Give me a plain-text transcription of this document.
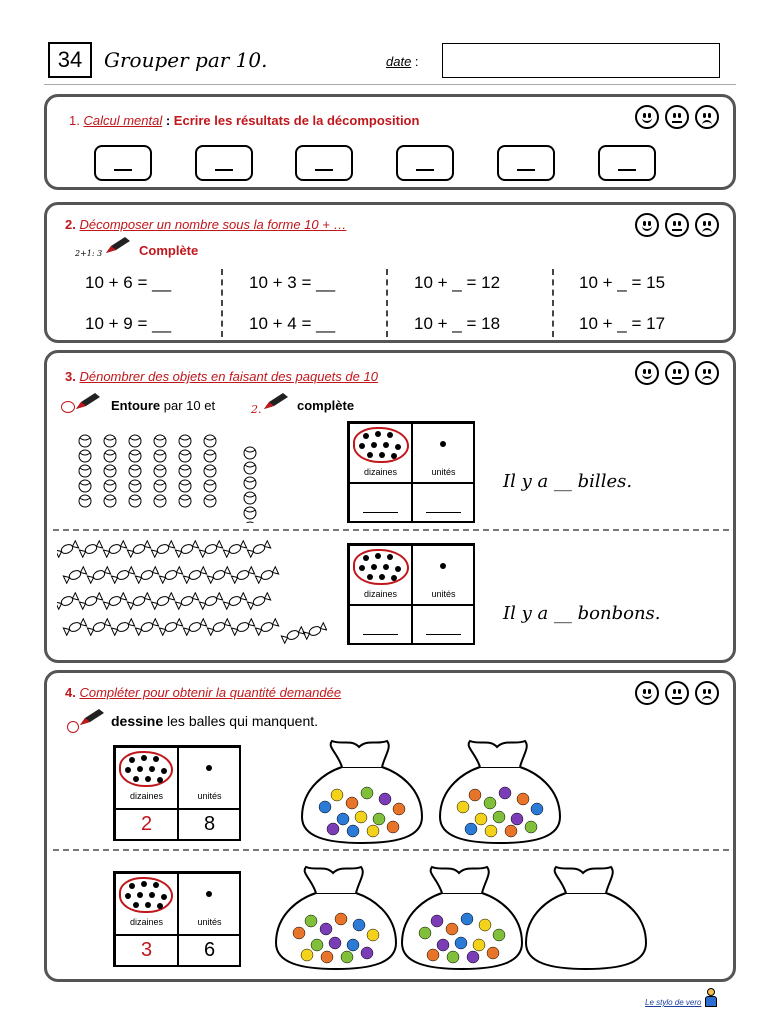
34	Grouper par 10.	date :
1. Calcul mental : Ecrire les résultats de la décomposition
2. Décomposer un nombre sous la forme 10 + …
2+1: 3	Complète
10 + 6 = __	10 + 3 = __	10 + _ = 12	10 + _ = 15
10 + 9 = __	10 + 4 = __	10 + _ = 18	10 + _ = 17
3. Dénombrer des objets en faisant des paquets de 10
Entoure par 10 et	2.	complète
dizaines	unités	Il y a __ billes.
dizaines	unités
Il y a __ bonbons.
4. Compléter pour obtenir la quantité demandée
dessine les balles qui manquent.
dizaines	unités
2	8
dizaines	unités
3	6
Le stylo de vero
